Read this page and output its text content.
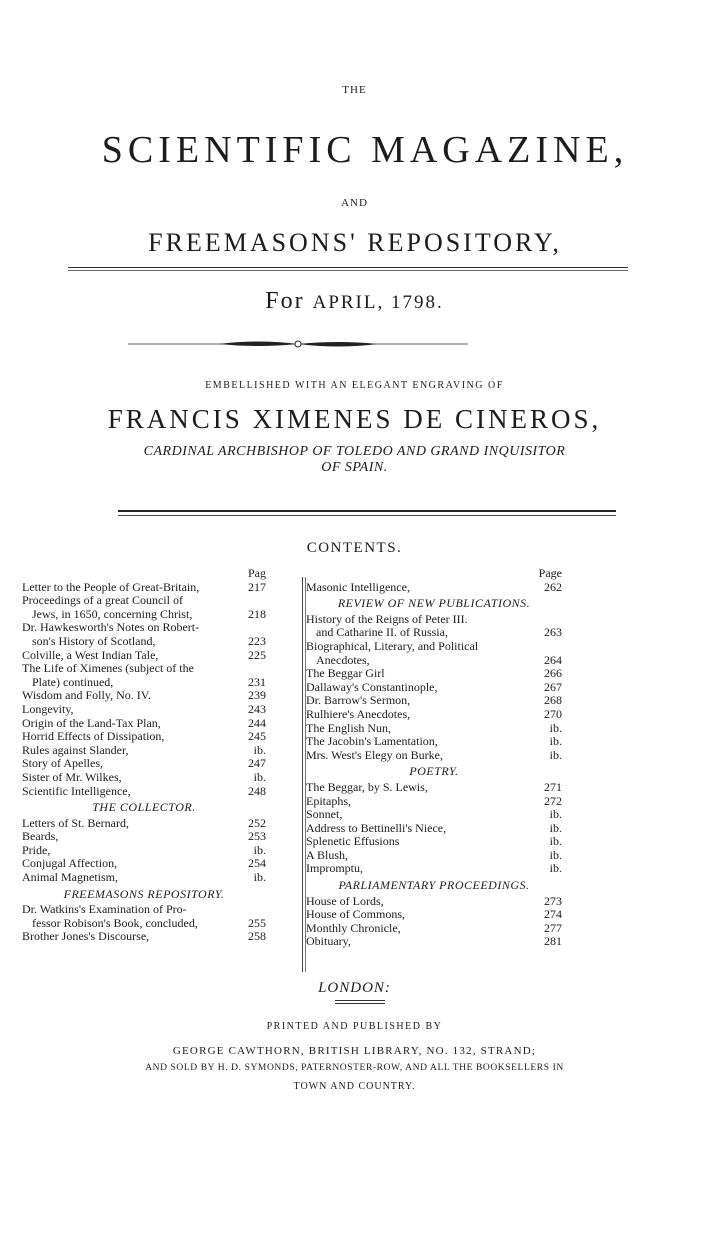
THE
SCIENTIFIC MAGAZINE,
AND
FREEMASONS' REPOSITORY,
For APRIL, 1798.
EMBELLISHED WITH AN ELEGANT ENGRAVING OF
FRANCIS XIMENES DE CINEROS,
CARDINAL ARCHBISHOP OF TOLEDO AND GRAND INQUISITOR
OF SPAIN.
CONTENTS.
Pag
Letter to the People of Great-Britain,	217
Proceedings of a great Council of
Jews, in 1650, concerning Christ,	218
Dr. Hawkesworth's Notes on Robert-
son's History of Scotland,	223
Colville, a West Indian Tale,	225
The Life of Ximenes (subject of the
Plate) continued,	231
Wisdom and Folly, No. IV.	239
Longevity,	243
Origin of the Land-Tax Plan,	244
Horrid Effects of Dissipation,	245
Rules against Slander,	ib.
Story of Apelles,	247
Sister of Mr. Wilkes,	ib.
Scientific Intelligence,	248
THE COLLECTOR.
Letters of St. Bernard,	252
Beards,	253
Pride,	ib.
Conjugal Affection,	254
Animal Magnetism,	ib.
FREEMASONS REPOSITORY.
Dr. Watkins's Examination of Pro-
fessor Robison's Book, concluded,	255
Brother Jones's Discourse,	258
Page
Masonic Intelligence,	262
REVIEW OF NEW PUBLICATIONS.
History of the Reigns of Peter III.
and Catharine II. of Russia,	263
Biographical, Literary, and Political
Anecdotes,	264
The Beggar Girl	266
Dallaway's Constantinople,	267
Dr. Barrow's Sermon,	268
Rulhiere's Anecdotes,	270
The English Nun,	ib.
The Jacobin's Lamentation,	ib.
Mrs. West's Elegy on Burke,	ib.
POETRY.
The Beggar, by S. Lewis,	271
Epitaphs,	272
Sonnet,	ib.
Address to Bettinelli's Niece,	ib.
Splenetic Effusions	ib.
A Blush,	ib.
Impromptu,	ib.
PARLIAMENTARY PROCEEDINGS.
House of Lords,	273
House of Commons,	274
Monthly Chronicle,	277
Obituary,	281
LONDON:
PRINTED AND PUBLISHED BY
GEORGE CAWTHORN, BRITISH LIBRARY, NO. 132, STRAND;
AND SOLD BY H. D. SYMONDS, PATERNOSTER-ROW, AND ALL THE BOOKSELLERS IN
TOWN AND COUNTRY.
